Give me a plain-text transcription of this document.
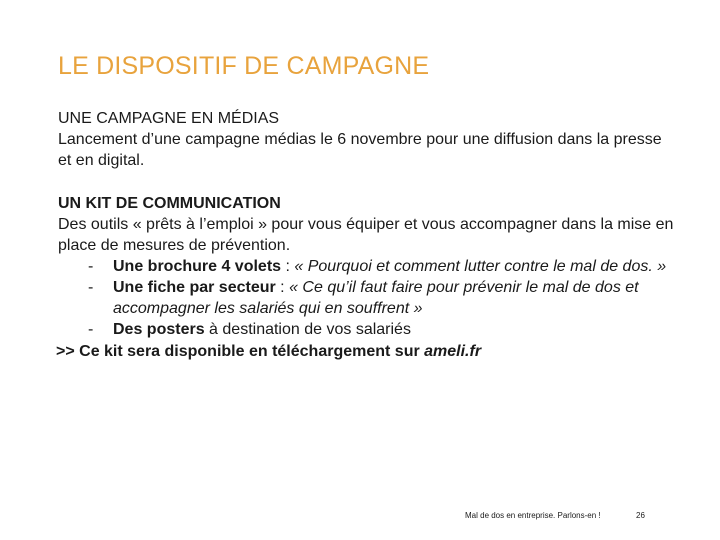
LE DISPOSITIF DE CAMPAGNE

UNE CAMPAGNE EN MÉDIAS

Lancement d’une campagne médias le 6 novembre pour une diffusion dans la presse et en digital.

UN KIT DE COMMUNICATION

Des outils « prêts à l’emploi » pour vous équiper et vous accompagner dans la mise en place de mesures de prévention.

- Une brochure 4 volets : « Pourquoi et comment lutter contre le mal de dos. »
- Une fiche par secteur : « Ce qu’il faut faire pour prévenir le mal de dos et accompagner les salariés qui en souffrent »
- Des posters à destination de vos salariés

>> Ce kit sera disponible en téléchargement sur ameli.fr

Mal de dos en entreprise. Parlons-en !	26
